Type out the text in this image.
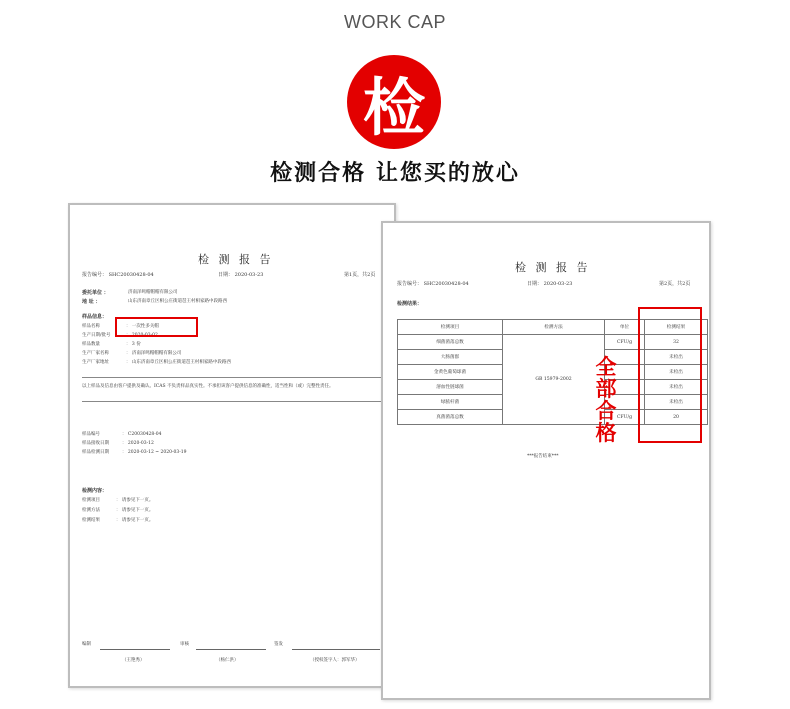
WORK CAP
检
检测合格 让您买的放心
检 测 报 告
报告编号： SHC20030428-04	日期： 2020-03-23	第1页，共2页
委托单位 ：	济南泽鸣帽帽帽有限公司
地 址 ：	山东济南章丘区相公庄街道琶王村相家路中段路西
样品信息：
样品名称	： 一次性多关帽
生产日期/批号	： 2020-03-02
样品数量	： 3 份
生产厂家名称	： 济南泽鸣帽帽帽有限公司
生产厂家地址	： 山东济南章丘区相公庄街道琶王村相家路中段路西
以上样品及信息由客户提供及确认。ICAS 不负责样品真实性。不承担该客户提供信息的准确性，适当性和（或）完整性责任。
样品编号	： C20030428-04
样品接收日期	： 2020-03-12
样品检测日期	： 2020-03-12 ~ 2020-03-19
检测内容：
检测项目	： 请参见下一页。
检测方法	： 请参见下一页。
检测结果	： 请参见下一页。
编制	审核	签发
（王艳秀）	（杨仁洪）	（授权签字人：郭军华）
检 测 报 告
报告编号： SHC20030428-04	日期： 2020-03-23	第2页，共2页
检测结果：
检测项目	检测方法	单位	检测结果
细菌菌落总数	GB 15979-2002	CFU/g	32
大肠菌群			未检出
金黄色葡萄球菌			未检出
溶血性链球菌			未检出
绿脓杆菌			未检出
真菌菌落总数		CFU/g	20
***报告结束***
全部合格
